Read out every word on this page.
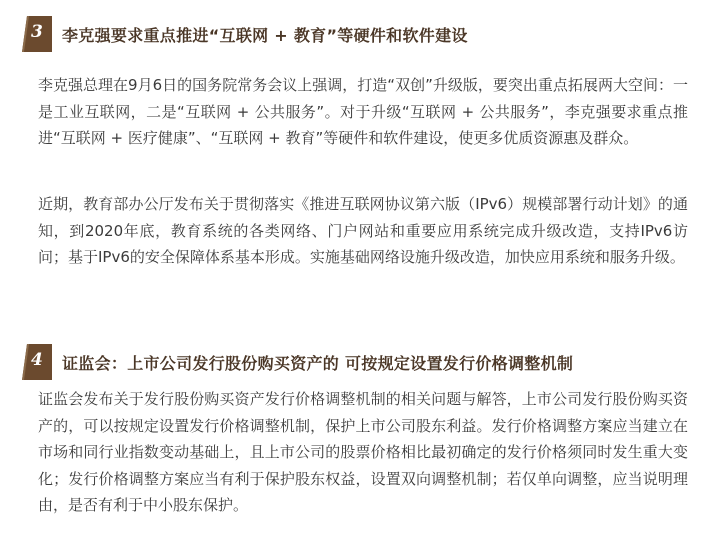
3 李克强要求重点推进“互联网 + 教育”等硬件和软件建设

李克强总理在9月6日的国务院常务会议上强调，打造“双创”升级版，要突出重点拓展两大空间：一是工业互联网，二是“互联网 + 公共服务”。对于升级“互联网 + 公共服务”，李克强要求重点推进“互联网 + 医疗健康”、“互联网 + 教育”等硬件和软件建设，使更多优质资源惠及群众。

近期，教育部办公厅发布关于贯彻落实《推进互联网协议第六版（IPv6）规模部署行动计划》的通知，到2020年底，教育系统的各类网络、门户网站和重要应用系统完成升级改造，支持IPv6访问；基于IPv6的安全保障体系基本形成。实施基础网络设施升级改造，加快应用系统和服务升级。

4 证监会：上市公司发行股份购买资产的 可按规定设置发行价格调整机制

证监会发布关于发行股份购买资产发行价格调整机制的相关问题与解答，上市公司发行股份购买资产的，可以按规定设置发行价格调整机制，保护上市公司股东利益。发行价格调整方案应当建立在市场和同行业指数变动基础上，且上市公司的股票价格相比最初确定的发行价格须同时发生重大变化；发行价格调整方案应当有利于保护股东权益，设置双向调整机制；若仅单向调整，应当说明理由，是否有利于中小股东保护。
